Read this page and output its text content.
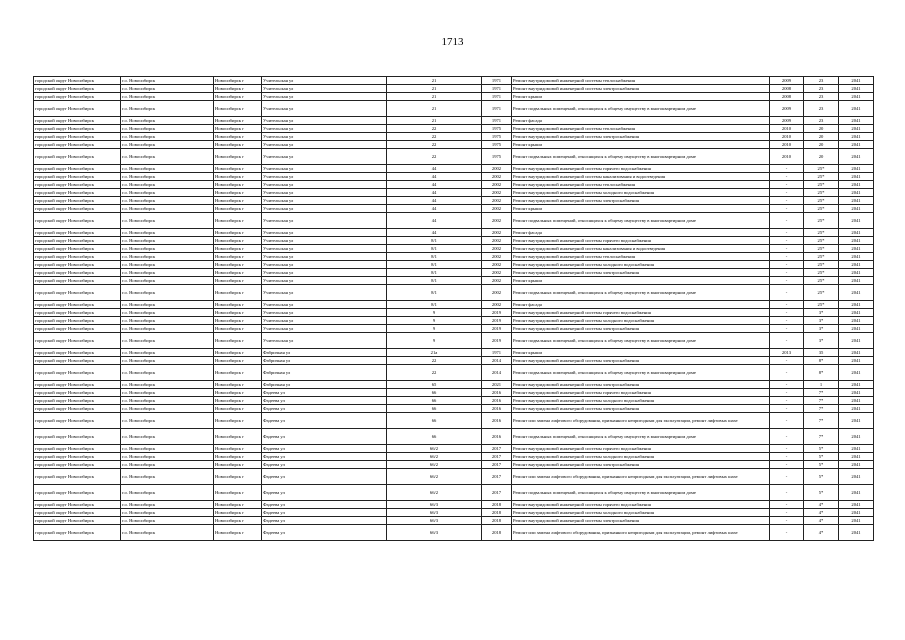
1713
городской округ Новосибирск	г.о. Новосибирск	Новосибирск г	Учительская ул	21	1971	Ремонт внутридомовой инженерной системы теплоснабжения	2009	23	2041	
городской округ Новосибирск	г.о. Новосибирск	Новосибирск г	Учительская ул	21	1971	Ремонт внутридомовой инженерной системы электроснабжения	2008	23	2041	
городской округ Новосибирск	г.о. Новосибирск	Новосибирск г	Учительская ул	21	1971	Ремонт крыши	2008	23	2041	
городской округ Новосибирск	г.о. Новосибирск	Новосибирск г	Учительская ул	21	1971	Ремонт подвальных помещений, относящихся к общему имуществу в многоквартирном доме	2009	23	2041	
городской округ Новосибирск	г.о. Новосибирск	Новосибирск г	Учительская ул	21	1971	Ремонт фасада	2009	23	2041	
городской округ Новосибирск	г.о. Новосибирск	Новосибирск г	Учительская ул	22	1975	Ремонт внутридомовой инженерной системы теплоснабжения	2010	20	2041	
городской округ Новосибирск	г.о. Новосибирск	Новосибирск г	Учительская ул	22	1975	Ремонт внутридомовой инженерной системы электроснабжения	2010	20	2041	
городской округ Новосибирск	г.о. Новосибирск	Новосибирск г	Учительская ул	22	1975	Ремонт крыши	2010	20	2041	
городской округ Новосибирск	г.о. Новосибирск	Новосибирск г	Учительская ул	22	1975	Ремонт подвальных помещений, относящихся к общему имуществу в многоквартирном доме	2010	20	2041	
городской округ Новосибирск	г.о. Новосибирск	Новосибирск г	Учительская ул	44	2002	Ремонт внутридомовой инженерной системы горячего водоснабжения	-	25*	2041	
городской округ Новосибирск	г.о. Новосибирск	Новосибирск г	Учительская ул	44	2002	Ремонт внутридомовой инженерной системы канализования и водоотведения	-	25*	2041	
городской округ Новосибирск	г.о. Новосибирск	Новосибирск г	Учительская ул	44	2002	Ремонт внутридомовой инженерной системы теплоснабжения	-	25*	2041	
городской округ Новосибирск	г.о. Новосибирск	Новосибирск г	Учительская ул	44	2002	Ремонт внутридомовой инженерной системы холодного водоснабжения	-	25*	2041	
городской округ Новосибирск	г.о. Новосибирск	Новосибирск г	Учительская ул	44	2002	Ремонт внутридомовой инженерной системы электроснабжения	-	25*	2041	
городской округ Новосибирск	г.о. Новосибирск	Новосибирск г	Учительская ул	44	2002	Ремонт крыши	-	25*	2041	
городской округ Новосибирск	г.о. Новосибирск	Новосибирск г	Учительская ул	44	2002	Ремонт подвальных помещений, относящихся к общему имуществу в многоквартирном доме	-	25*	2041	
городской округ Новосибирск	г.о. Новосибирск	Новосибирск г	Учительская ул	44	2002	Ремонт фасада	-	25*	2041	
городской округ Новосибирск	г.о. Новосибирск	Новосибирск г	Учительская ул	8/1	2002	Ремонт внутридомовой инженерной системы горячего водоснабжения	-	25*	2041	
городской округ Новосибирск	г.о. Новосибирск	Новосибирск г	Учительская ул	8/1	2002	Ремонт внутридомовой инженерной системы канализования и водоотведения	-	25*	2041	
городской округ Новосибирск	г.о. Новосибирск	Новосибирск г	Учительская ул	8/1	2002	Ремонт внутридомовой инженерной системы теплоснабжения	-	25*	2041	
городской округ Новосибирск	г.о. Новосибирск	Новосибирск г	Учительская ул	8/1	2002	Ремонт внутридомовой инженерной системы холодного водоснабжения	-	25*	2041	
городской округ Новосибирск	г.о. Новосибирск	Новосибирск г	Учительская ул	8/1	2002	Ремонт внутридомовой инженерной системы электроснабжения	-	25*	2041	
городской округ Новосибирск	г.о. Новосибирск	Новосибирск г	Учительская ул	8/1	2002	Ремонт крыши	-	25*	2041	
городской округ Новосибирск	г.о. Новосибирск	Новосибирск г	Учительская ул	8/1	2002	Ремонт подвальных помещений, относящихся к общему имуществу в многоквартирном доме	-	25*	2041	
городской округ Новосибирск	г.о. Новосибирск	Новосибирск г	Учительская ул	8/1	2002	Ремонт фасада	-	25*	2041	
городской округ Новосибирск	г.о. Новосибирск	Новосибирск г	Учительская ул	9	2019	Ремонт внутридомовой инженерной системы горячего водоснабжения	-	3*	2041	
городской округ Новосибирск	г.о. Новосибирск	Новосибирск г	Учительская ул	9	2019	Ремонт внутридомовой инженерной системы холодного водоснабжения	-	3*	2041	
городской округ Новосибирск	г.о. Новосибирск	Новосибирск г	Учительская ул	9	2019	Ремонт внутридомовой инженерной системы электроснабжения	-	3*	2041	
городской округ Новосибирск	г.о. Новосибирск	Новосибирск г	Учительская ул	9	2019	Ремонт подвальных помещений, относящихся к общему имуществу в многоквартирном доме	-	3*	2041	
городской округ Новосибирск	г.о. Новосибирск	Новосибирск г	Фабричная ул	21а	1971	Ремонт крыши	2013	35	2041	
городской округ Новосибирск	г.о. Новосибирск	Новосибирск г	Фабричная ул	22	2014	Ремонт внутридомовой инженерной системы электроснабжения	-	8*	2041	
городской округ Новосибирск	г.о. Новосибирск	Новосибирск г	Фабричная ул	22	2014	Ремонт подвальных помещений, относящихся к общему имуществу в многоквартирном доме	-	8*	2041	
городской округ Новосибирск	г.о. Новосибирск	Новосибирск г	Фабричная ул	65	2021	Ремонт внутридомовой инженерной системы электроснабжения	-	1	2041	
городской округ Новосибирск	г.о. Новосибирск	Новосибирск г	Фадеева ул	66	2016	Ремонт внутридомовой инженерной системы горячего водоснабжения	-	7*	2041	
городской округ Новосибирск	г.о. Новосибирск	Новосибирск г	Фадеева ул	66	2016	Ремонт внутридомовой инженерной системы холодного водоснабжения	-	7*	2041	
городской округ Новосибирск	г.о. Новосибирск	Новосибирск г	Фадеева ул	66	2016	Ремонт внутридомовой инженерной системы электроснабжения	-	7*	2041	
городской округ Новосибирск	г.о. Новосибирск	Новосибирск г	Фадеева ул	66	2016	Ремонт или замена лифтового оборудования, признанного непригодным для эксплуатации, ремонт лифтовых шахт	-	7*	2041	
городской округ Новосибирск	г.о. Новосибирск	Новосибирск г	Фадеева ул	66	2016	Ремонт подвальных помещений, относящихся к общему имуществу в многоквартирном доме	-	7*	2041	
городской округ Новосибирск	г.о. Новосибирск	Новосибирск г	Фадеева ул	66/2	2017	Ремонт внутридомовой инженерной системы горячего водоснабжения	-	5*	2041	
городской округ Новосибирск	г.о. Новосибирск	Новосибирск г	Фадеева ул	66/2	2017	Ремонт внутридомовой инженерной системы холодного водоснабжения	-	5*	2041	
городской округ Новосибирск	г.о. Новосибирск	Новосибирск г	Фадеева ул	66/2	2017	Ремонт внутридомовой инженерной системы электроснабжения	-	5*	2041	
городской округ Новосибирск	г.о. Новосибирск	Новосибирск г	Фадеева ул	66/2	2017	Ремонт или замена лифтового оборудования, признанного непригодным для эксплуатации, ремонт лифтовых шахт	-	5*	2041	
городской округ Новосибирск	г.о. Новосибирск	Новосибирск г	Фадеева ул	66/2	2017	Ремонт подвальных помещений, относящихся к общему имуществу в многоквартирном доме	-	5*	2041	
городской округ Новосибирск	г.о. Новосибирск	Новосибирск г	Фадеева ул	66/3	2018	Ремонт внутридомовой инженерной системы горячего водоснабжения	-	4*	2041	
городской округ Новосибирск	г.о. Новосибирск	Новосибирск г	Фадеева ул	66/3	2018	Ремонт внутридомовой инженерной системы холодного водоснабжения	-	4*	2041	
городской округ Новосибирск	г.о. Новосибирск	Новосибирск г	Фадеева ул	66/3	2018	Ремонт внутридомовой инженерной системы электроснабжения	-	4*	2041	
городской округ Новосибирск	г.о. Новосибирск	Новосибирск г	Фадеева ул	66/3	2018	Ремонт или замена лифтового оборудования, признанного непригодным для эксплуатации, ремонт лифтовых шахт	-	4*	2041	
